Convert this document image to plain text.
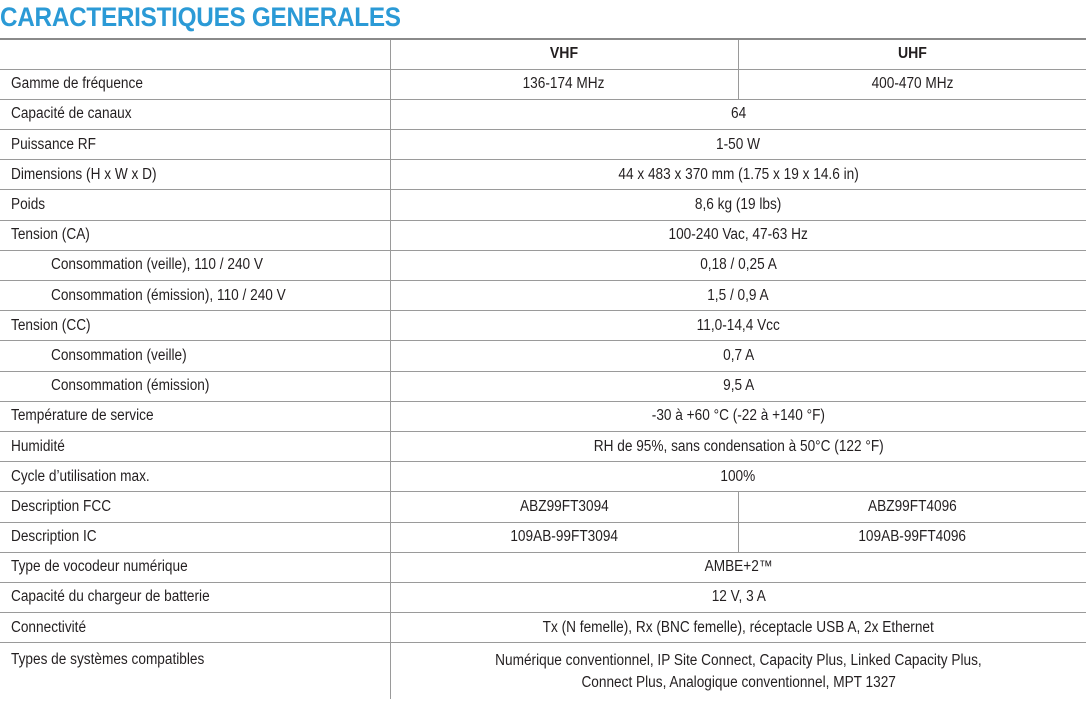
CARACTERISTIQUES GENERALES
	VHF	UHF
Gamme de fréquence	136-174 MHz	400-470 MHz
Capacité de canaux	64	
Puissance RF	1-50 W	
Dimensions (H x W x D)	44 x 483 x 370 mm (1.75 x 19 x 14.6 in)	
Poids	8,6 kg (19 lbs)	
Tension (CA)	100-240 Vac, 47-63 Hz	
Consommation (veille), 110 / 240 V	0,18 / 0,25 A	
Consommation (émission), 110 / 240 V	1,5 / 0,9 A	
Tension (CC)	11,0-14,4 Vcc	
Consommation (veille)	0,7 A	
Consommation (émission)	9,5 A	
Température de service	-30 à +60 °C (-22 à +140 °F)	
Humidité	RH de 95%, sans condensation à 50°C (122 °F)	
Cycle d’utilisation max.	100%	
Description FCC	ABZ99FT3094	ABZ99FT4096
Description IC	109AB-99FT3094	109AB-99FT4096
Type de vocodeur numérique	AMBE+2™	
Capacité du chargeur de batterie	12 V, 3 A	
Connectivité	Tx (N femelle), Rx (BNC femelle), réceptacle USB A, 2x Ethernet	
Types de systèmes compatibles	Numérique conventionnel, IP Site Connect, Capacity Plus, Linked Capacity Plus,
Connect Plus, Analogique conventionnel, MPT 1327	
